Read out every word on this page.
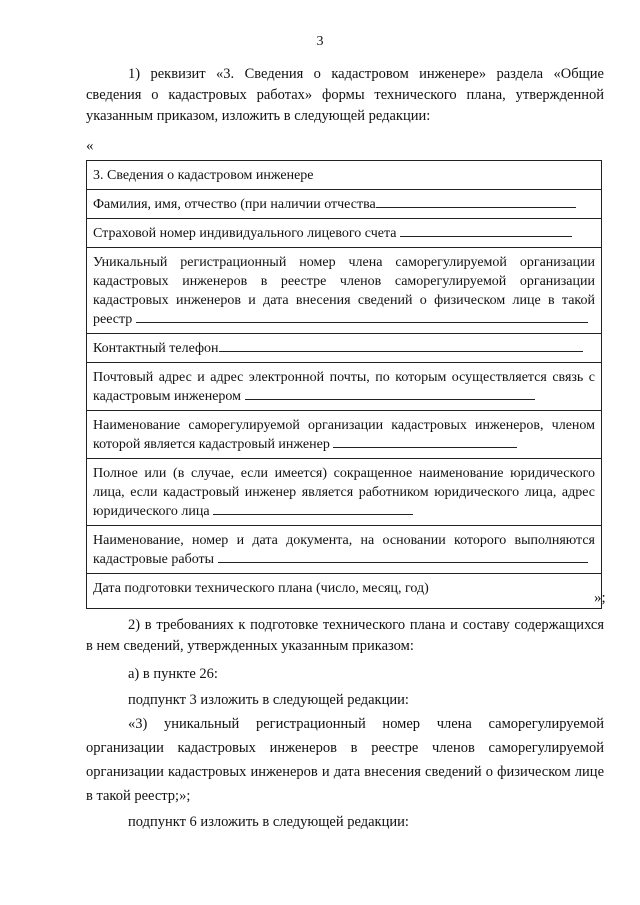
3
1) реквизит «3. Сведения о кадастровом инженере» раздела «Общие сведения о кадастровых работах» формы технического плана, утвержденной указанным приказом, изложить в следующей редакции:
«
3. Сведения о кадастровом инженере
Фамилия, имя, отчество (при наличии отчества
Страховой номер индивидуального лицевого счета
Уникальный регистрационный номер члена саморегулируемой организации кадастровых инженеров в реестре членов саморегулируемой организации кадастровых инженеров и дата внесения сведений о физическом лице в такой реестр
Контактный телефон
Почтовый адрес и адрес электронной почты, по которым осуществляется связь с кадастровым инженером
Наименование саморегулируемой организации кадастровых инженеров, членом которой является кадастровый инженер
Полное или (в случае, если имеется) сокращенное наименование юридического лица, если кадастровый инженер является работником юридического лица, адрес юридического лица
Наименование, номер и дата документа, на основании которого выполняются кадастровые работы
Дата подготовки технического плана (число, месяц, год)
»;
2) в требованиях к подготовке технического плана и составу содержащихся в нем сведений, утвержденных указанным приказом:
а) в пункте 26:
подпункт 3 изложить в следующей редакции:
«3) уникальный регистрационный номер члена саморегулируемой организации кадастровых инженеров в реестре членов саморегулируемой организации кадастровых инженеров и дата внесения сведений о физическом лице в такой реестр;»;
подпункт 6 изложить в следующей редакции:
